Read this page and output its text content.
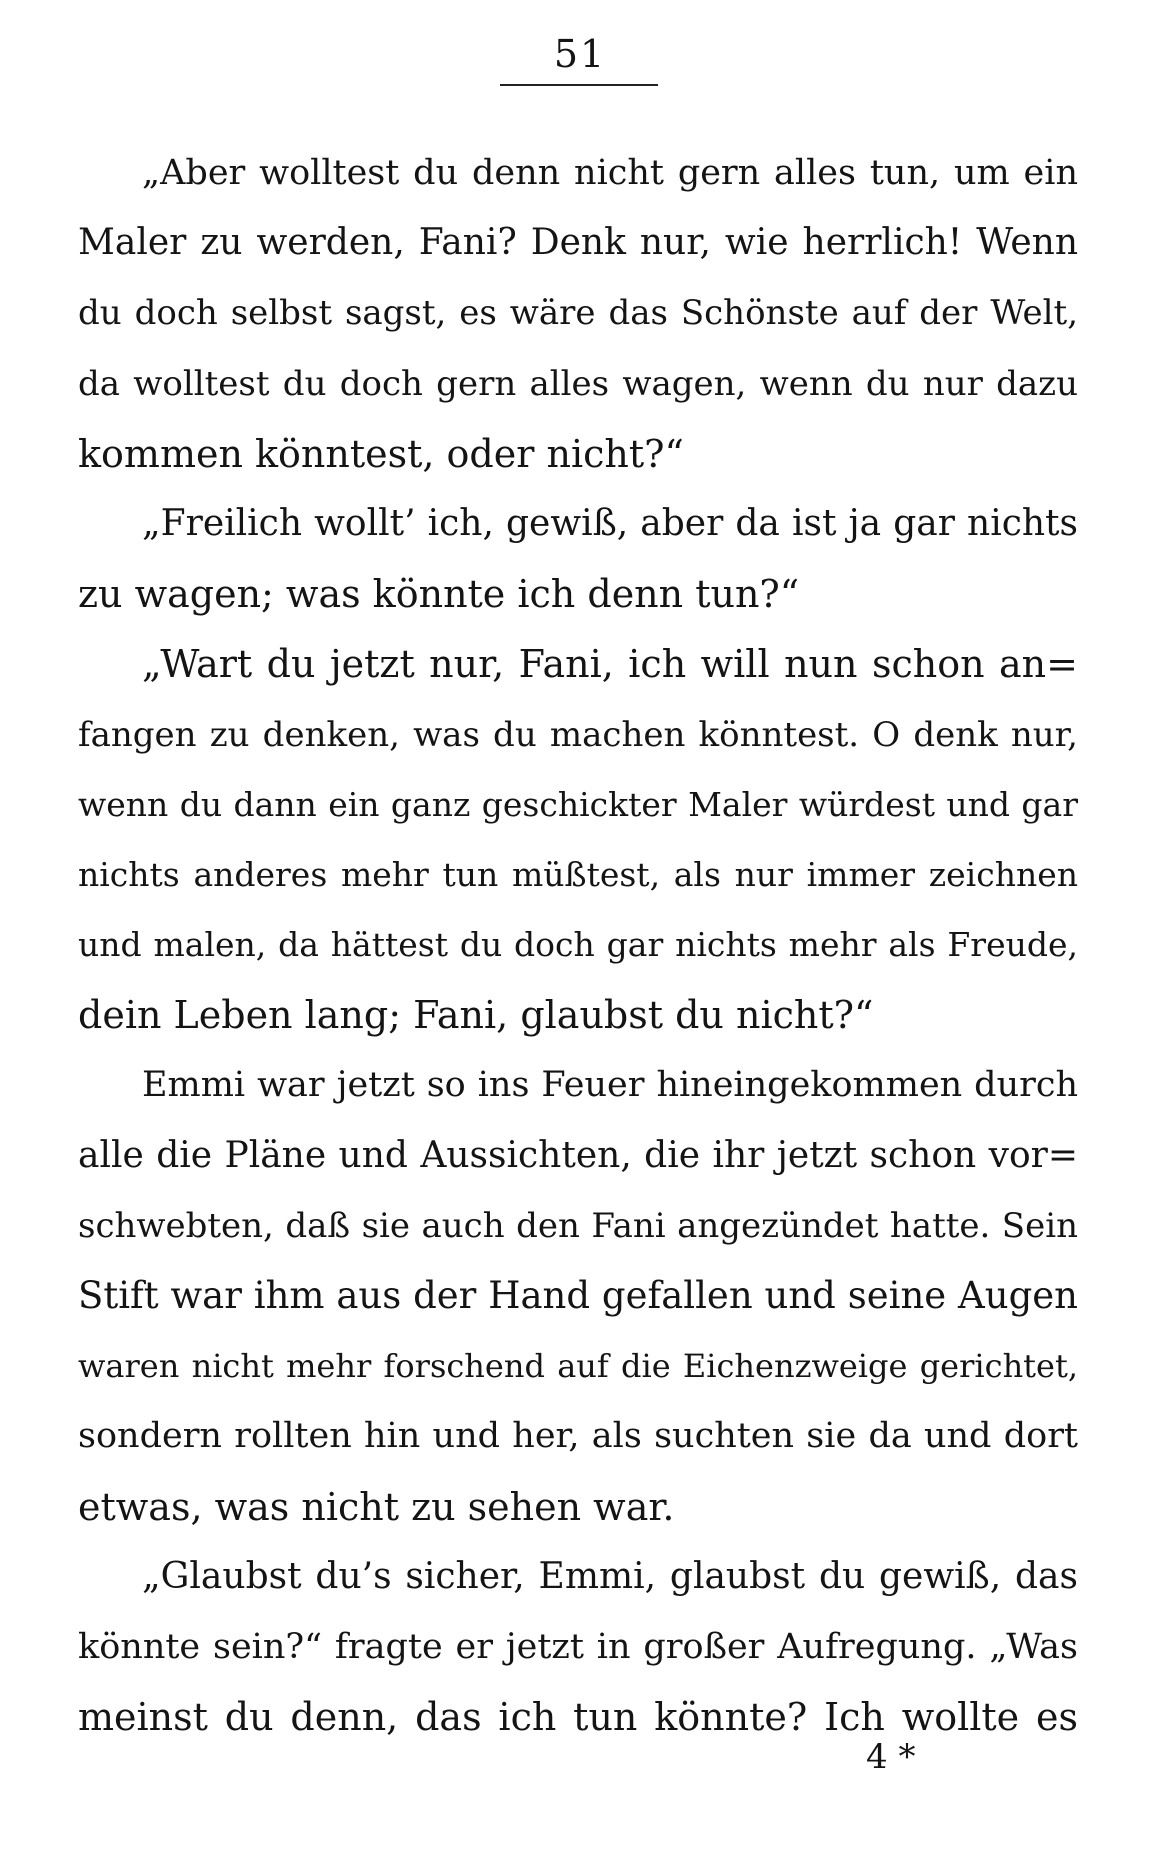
51
„Aber wolltest du denn nicht gern alles tun, um ein
Maler zu werden, Fani? Denk nur, wie herrlich! Wenn
du doch selbst sagst, es wäre das Schönste auf der Welt,
da wolltest du doch gern alles wagen, wenn du nur dazu
kommen könntest, oder nicht?“
„Freilich wollt’ ich, gewiß, aber da ist ja gar nichts
zu wagen; was könnte ich denn tun?“
„Wart du jetzt nur, Fani, ich will nun schon an=
fangen zu denken, was du machen könntest. O denk nur,
wenn du dann ein ganz geschickter Maler würdest und gar
nichts anderes mehr tun müßtest, als nur immer zeichnen
und malen, da hättest du doch gar nichts mehr als Freude,
dein Leben lang; Fani, glaubst du nicht?“
Emmi war jetzt so ins Feuer hineingekommen durch
alle die Pläne und Aussichten, die ihr jetzt schon vor=
schwebten, daß sie auch den Fani angezündet hatte. Sein
Stift war ihm aus der Hand gefallen und seine Augen
waren nicht mehr forschend auf die Eichenzweige gerichtet,
sondern rollten hin und her, als suchten sie da und dort
etwas, was nicht zu sehen war.
„Glaubst du’s sicher, Emmi, glaubst du gewiß, das
könnte sein?“ fragte er jetzt in großer Aufregung. „Was
meinst du denn, das ich tun könnte? Ich wollte es
4 *
